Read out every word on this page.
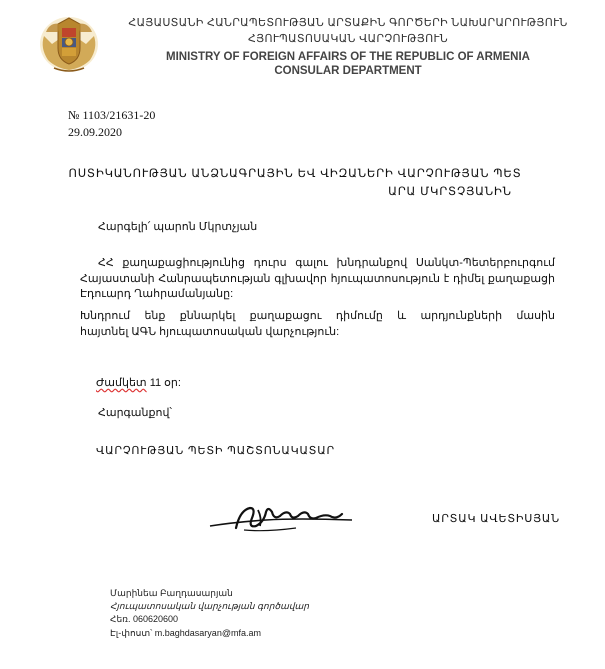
ՀԱՅԱՍՏԱՆԻ ՀԱՆՐԱՊԵՏՈՒԹՅԱՆ ԱՐՏԱՔԻՆ ԳՈՐԾԵՐԻ ՆԱԽԱՐԱՐՈՒԹՅՈՒՆ
ՀՅՈՒՊԱՏՈՍԱԿԱՆ ՎԱՐՉՈՒԹՅՈՒՆ
MINISTRY OF FOREIGN AFFAIRS OF THE REPUBLIC OF ARMENIA
CONSULAR DEPARTMENT
№ 1103/21631-20
29.09.2020
ՈՍՏԻԿԱՆՈՒԹՅԱՆ ԱՆՁՆԱԳՐԱՅԻՆ ԵՎ ՎԻԶԱՆԵՐԻ ՎԱՐՉՈՒԹՅԱՆ ՊԵՏ
ԱՐԱ ՄԿՐՏՉՅԱՆԻՆ
Հարգելի՛ պարոն Մկրտչյան
ՀՀ քաղաքացիությունից դուրս գալու խնդրանքով Սանկտ-Պետերբուրգում
Հայաստանի Հանրապետության գլխավոր հյուպատոսություն է դիմել քաղաքացի
Էդուարդ Ղահրամանյանը:
Խնդրում ենք քննարկել քաղաքացու դիմումը և արդյունքների մասին
հայտնել ԱԳՆ հյուպատոսական վարչություն:
Ժամկետ 11 օր:
Հարգանքով՝
ՎԱՐՉՈՒԹՅԱՆ ՊԵՏԻ ՊԱՇՏՈՆԱԿԱՏԱՐ
ԱՐՏԱԿ ԱՎԵՏԻՍՅԱՆ
Մարինեա Բաղդասարյան
Հյուպատոսական վարչության գործավար
Հեռ. 060620600
Էլ-փոստ՝ m.baghdasaryan@mfa.am
